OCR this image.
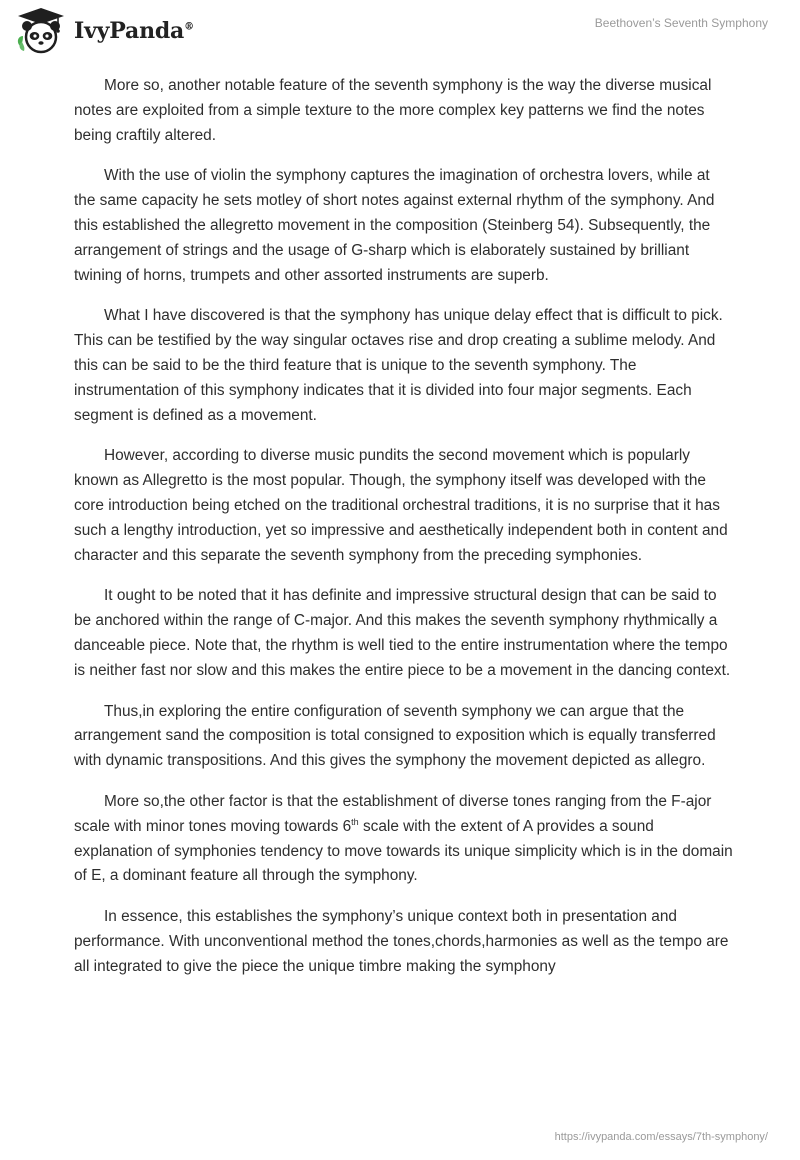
IvyPanda®	Beethoven’s Seventh Symphony

More so, another notable feature of the seventh symphony is the way the diverse musical notes are exploited from a simple texture to the more complex key patterns we find the notes being craftily altered.

With the use of violin the symphony captures the imagination of orchestra lovers, while at the same capacity he sets motley of short notes against external rhythm of the symphony. And this established the allegretto movement in the composition (Steinberg 54). Subsequently, the arrangement of strings and the usage of G-sharp which is elaborately sustained by brilliant twining of horns, trumpets and other assorted instruments are superb.

What I have discovered is that the symphony has unique delay effect that is difficult to pick. This can be testified by the way singular octaves rise and drop creating a sublime melody. And this can be said to be the third feature that is unique to the seventh symphony. The instrumentation of this symphony indicates that it is divided into four major segments. Each segment is defined as a movement.

However, according to diverse music pundits the second movement which is popularly known as Allegretto is the most popular. Though, the symphony itself was developed with the core introduction being etched on the traditional orchestral traditions, it is no surprise that it has such a lengthy introduction, yet so impressive and aesthetically independent both in content and character and this separate the seventh symphony from the preceding symphonies.

It ought to be noted that it has definite and impressive structural design that can be said to be anchored within the range of C-major. And this makes the seventh symphony rhythmically a danceable piece. Note that, the rhythm is well tied to the entire instrumentation where the tempo is neither fast nor slow and this makes the entire piece to be a movement in the dancing context.

Thus,in exploring the entire configuration of seventh symphony we can argue that the arrangement sand the composition is total consigned to exposition which is equally transferred with dynamic transpositions. And this gives the symphony the movement depicted as allegro.

More so,the other factor is that the establishment of diverse tones ranging from the F-ajor scale with minor tones moving towards 6th scale with the extent of A provides a sound explanation of symphonies tendency to move towards its unique simplicity which is in the domain of E, a dominant feature all through the symphony.

In essence, this establishes the symphony’s unique context both in presentation and performance. With unconventional method the tones,chords,harmonies as well as the tempo are all integrated to give the piece the unique timbre making the symphony

https://ivypanda.com/essays/7th-symphony/
